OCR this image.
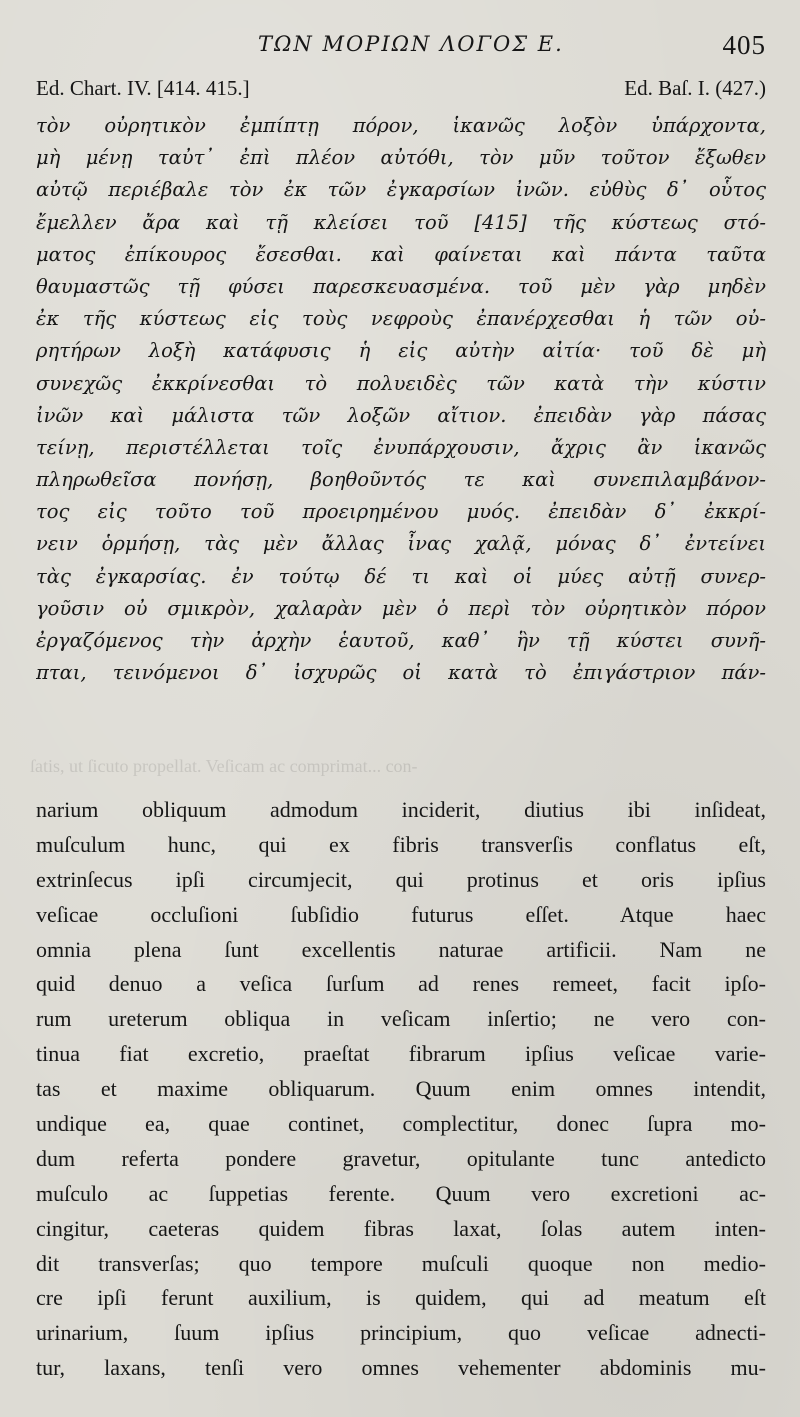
ΤΩΝ ΜΟΡΙΩΝ ΛΟΓΟΣ Ε.	405
Ed. Chart. IV. [414. 415.]	Ed. Baſ. I. (427.)
τὸν οὐρητικὸν ἐμπίπτῃ πόρον, ἱκανῶς λοξὸν ὑπάρχοντα,
μὴ μένῃ ταὐτ᾽ ἐπὶ πλέον αὐτόθι, τὸν μῦν τοῦτον ἔξωθεν
αὐτῷ περιέβαλε τὸν ἐκ τῶν ἐγκαρσίων ἰνῶν. εὐθὺς δ᾽ οὗτος
ἔμελλεν ἄρα καὶ τῇ κλείσει τοῦ [415] τῆς κύστεως στό-
ματος ἐπίκουρος ἔσεσθαι. καὶ φαίνεται καὶ πάντα ταῦτα
θαυμαστῶς τῇ φύσει παρεσκευασμένα. τοῦ μὲν γὰρ μηδὲν
ἐκ τῆς κύστεως εἰς τοὺς νεφροὺς ἐπανέρχεσθαι ἡ τῶν οὐ-
ρητήρων λοξὴ κατάφυσις ἡ εἰς αὐτὴν αἰτία· τοῦ δὲ μὴ
συνεχῶς ἐκκρίνεσθαι τὸ πολυειδὲς τῶν κατὰ τὴν κύστιν
ἰνῶν καὶ μάλιστα τῶν λοξῶν αἴτιον. ἐπειδὰν γὰρ πάσας
τείνῃ, περιστέλλεται τοῖς ἐνυπάρχουσιν, ἄχρις ἂν ἱκανῶς
πληρωθεῖσα πονήσῃ, βοηθοῦντός τε καὶ συνεπιλαμβάνον-
τος εἰς τοῦτο τοῦ προειρημένου μυός. ἐπειδὰν δ᾽ ἐκκρί-
νειν ὁρμήσῃ, τὰς μὲν ἄλλας ἶνας χαλᾷ, μόνας δ᾽ ἐντείνει
τὰς ἐγκαρσίας. ἐν τούτῳ δέ τι καὶ οἱ μύες αὐτῇ συνερ-
γοῦσιν οὐ σμικρὸν, χαλαρὰν μὲν ὁ περὶ τὸν οὐρητικὸν πόρον
ἐργαζόμενος τὴν ἀρχὴν ἑαυτοῦ, καθ᾽ ἣν τῇ κύστει συνῆ-
πται, τεινόμενοι δ᾽ ἰσχυρῶς οἱ κατὰ τὸ ἐπιγάστριον πάν-
ſatis, ut ſicuto propellat. Veſicam ac comprimat... con-
narium obliquum admodum inciderit, diutius ibi inſideat,
muſculum hunc, qui ex fibris transverſis conflatus eſt,
extrinſecus ipſi circumjecit, qui protinus et oris ipſius
veſicae occluſioni ſubſidio futurus eſſet. Atque haec
omnia plena ſunt excellentis naturae artificii. Nam ne
quid denuo a veſica ſurſum ad renes remeet, facit ipſo-
rum ureterum obliqua in veſicam inſertio; ne vero con-
tinua fiat excretio, praeſtat fibrarum ipſius veſicae varie-
tas et maxime obliquarum. Quum enim omnes intendit,
undique ea, quae continet, complectitur, donec ſupra mo-
dum referta pondere gravetur, opitulante tunc antedicto
muſculo ac ſuppetias ferente. Quum vero excretioni ac-
cingitur, caeteras quidem fibras laxat, ſolas autem inten-
dit transverſas; quo tempore muſculi quoque non medio-
cre ipſi ferunt auxilium, is quidem, qui ad meatum eſt
urinarium, ſuum ipſius principium, quo veſicae adnecti-
tur, laxans, tenſi vero omnes vehementer abdominis mu-
